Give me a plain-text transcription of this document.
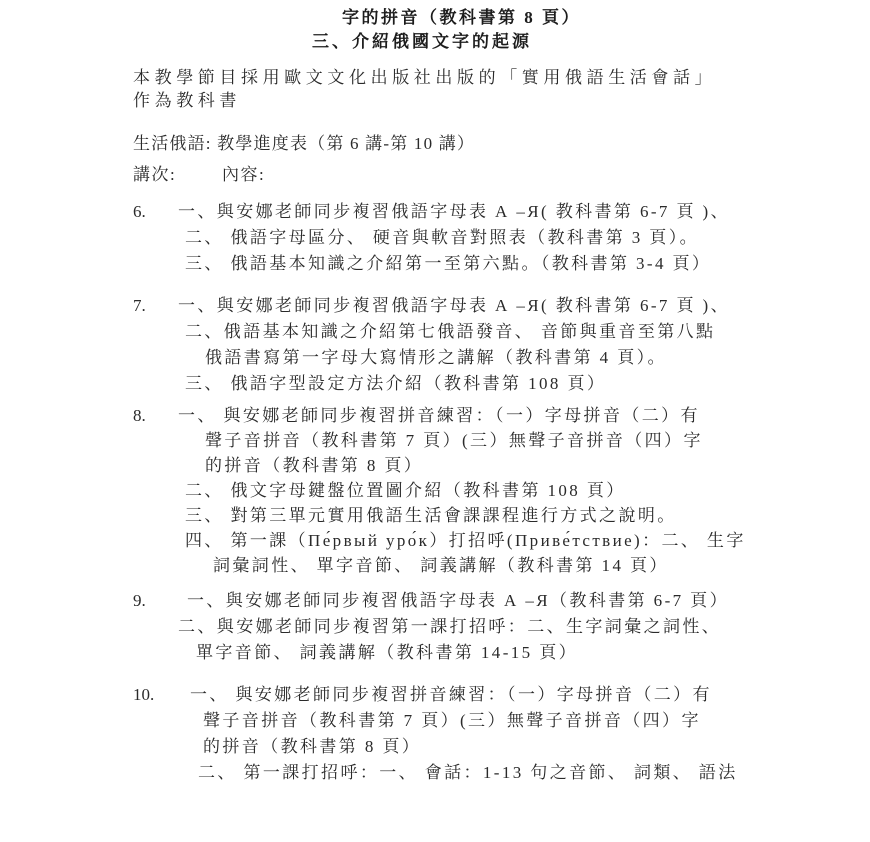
字的拼音（教科書第 8 頁）
三、介紹俄國文字的起源
本教學節目採用歐文文化出版社出版的「實用俄語生活會話」
作為教科書
生活俄語: 教學進度表（第 6 講-第 10 講）
講次:	內容:
6.	一、與安娜老師同步複習俄語字母表 А –Я( 教科書第 6-7 頁 )、
二、 俄語字母區分、 硬音與軟音對照表（教科書第 3 頁）。
三、 俄語基本知識之介紹第一至第六點。（教科書第 3-4 頁）
7.	一、與安娜老師同步複習俄語字母表 А –Я( 教科書第 6-7 頁 )、
二、俄語基本知識之介紹第七俄語發音、 音節與重音至第八點
俄語書寫第一字母大寫情形之講解（教科書第 4 頁）。
三、 俄語字型設定方法介紹（教科書第 108 頁）
8.	一、 與安娜老師同步複習拼音練習：（一）字母拼音（二）有
聲子音拼音（教科書第 7 頁）(三）無聲子音拼音（四）字
的拼音（教科書第 8 頁）
二、 俄文字母鍵盤位置圖介紹（教科書第 108 頁）
三、 對第三單元實用俄語生活會課課程進行方式之說明。
四、 第一課（Пе́рвый уро́к）打招呼(Приве́тствие)：二、 生字
詞彙詞性、 單字音節、 詞義講解（教科書第 14 頁）
9.	一、與安娜老師同步複習俄語字母表 А –Я（教科書第 6-7 頁）
二、與安娜老師同步複習第一課打招呼：二、生字詞彙之詞性、
單字音節、 詞義講解（教科書第 14-15 頁）
10.	一、 與安娜老師同步複習拼音練習：（一）字母拼音（二）有
聲子音拼音（教科書第 7 頁）(三）無聲子音拼音（四）字
的拼音（教科書第 8 頁）
二、 第一課打招呼：一、 會話：1-13 句之音節、 詞類、 語法
